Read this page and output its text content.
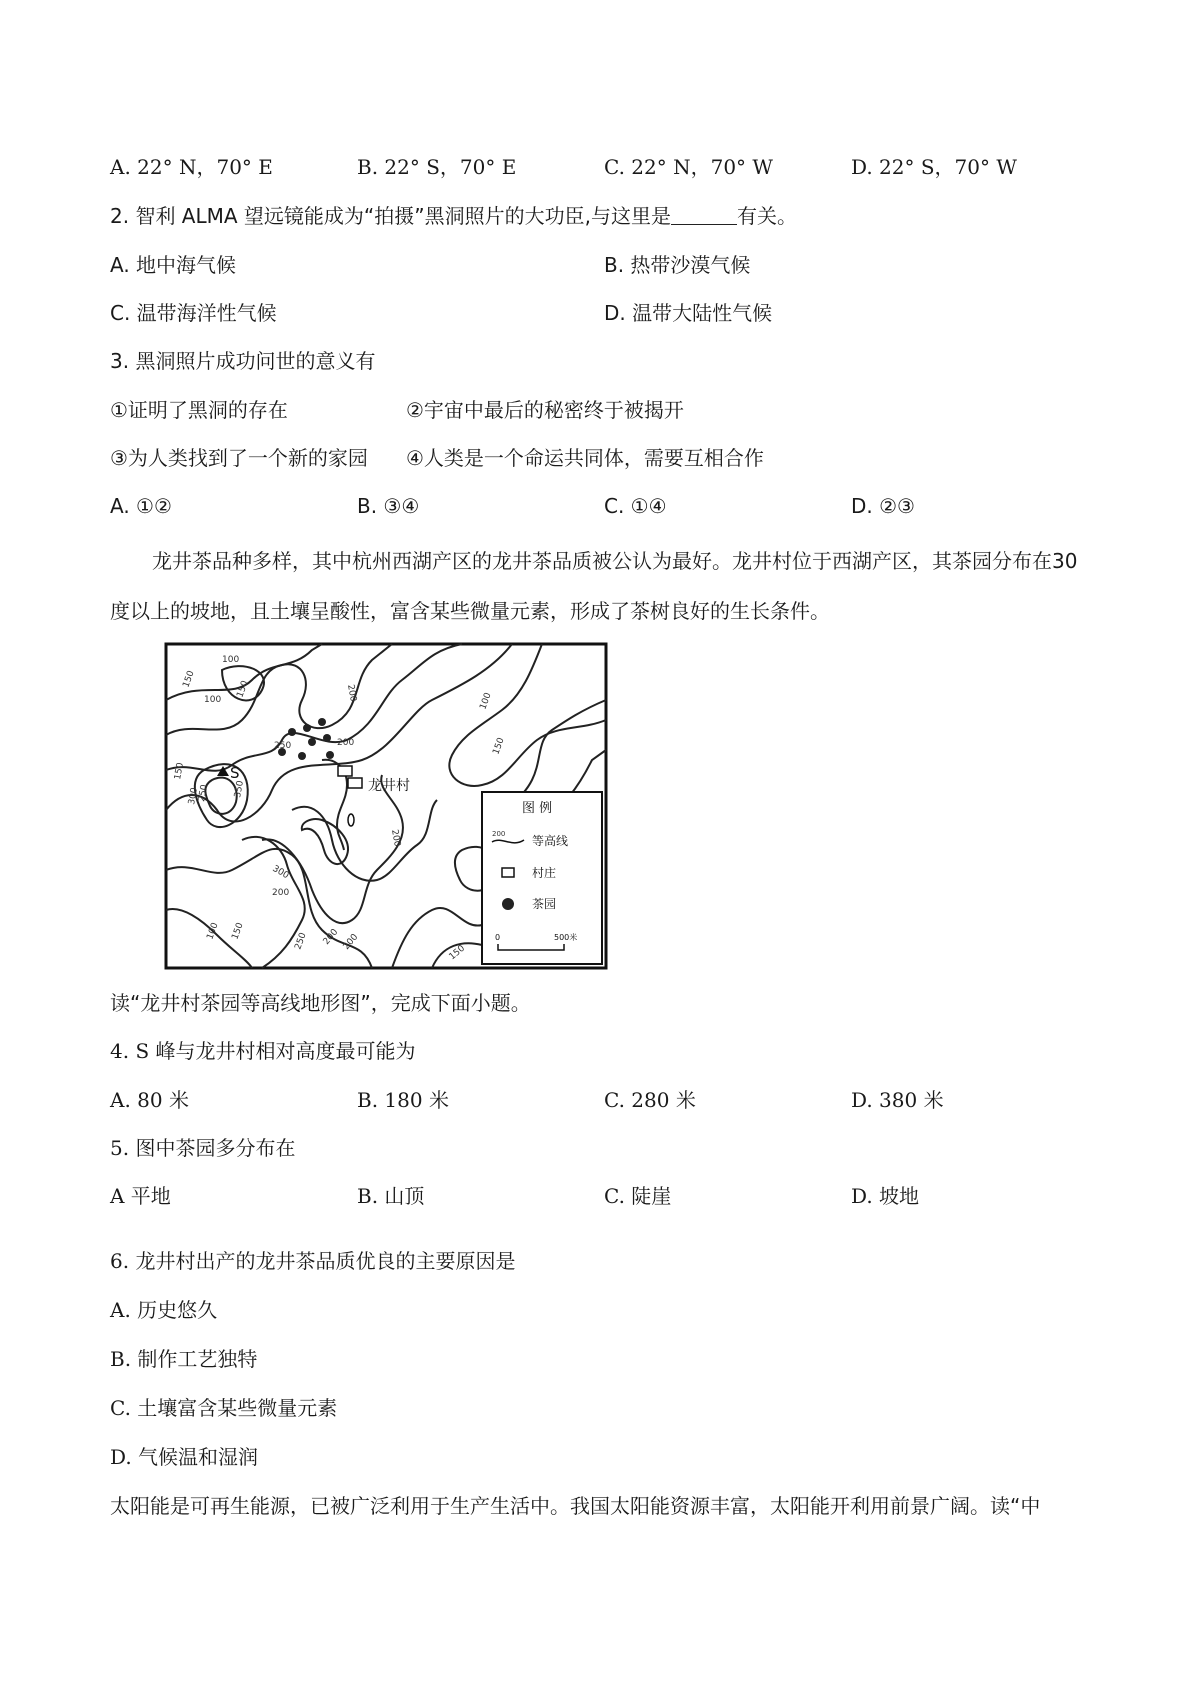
A. 22° N，70° E	B. 22° S，70° E	C. 22° N，70° W	D. 22° S，70° W
2. 智利 ALMA 望远镜能成为“拍摄”黑洞照片的大功臣,与这里是	有关。
A. 地中海气候	B. 热带沙漠气候
C. 温带海洋性气候	D. 温带大陆性气候
3. 黑洞照片成功问世的意义有
①证明了黑洞的存在	②宇宙中最后的秘密终于被揭开
③为人类找到了一个新的家园 ④人类是一个命运共同体，需要互相合作
A. ①②	B. ③④	C. ①④	D. ②③
龙井茶品种多样，其中杭州西湖产区的龙井茶品质被公认为最好。龙井村位于西湖产区，其茶园分布在30 度以上的坡地，且土壤呈酸性，富含某些微量元素，形成了茶树良好的生长条件。
S
龙井村
100
150
150	200
250	200
250
300	350
150
300
100
200
100
150
250 200
150
150
200
200
100
图 例
200 等高线
村庄
茶园
0	500米
读“龙井村茶园等高线地形图”，完成下面小题。
4. S 峰与龙井村相对高度最可能为
A. 80 米	B. 180 米	C. 280 米	D. 380 米
5. 图中茶园多分布在
A 平地	B. 山顶	C. 陡崖	D. 坡地
6. 龙井村出产的龙井茶品质优良的主要原因是
A. 历史悠久
B. 制作工艺独特
C. 土壤富含某些微量元素
D. 气候温和湿润
太阳能是可再生能源，已被广泛利用于生产生活中。我国太阳能资源丰富，太阳能开利用前景广阔。读“中
